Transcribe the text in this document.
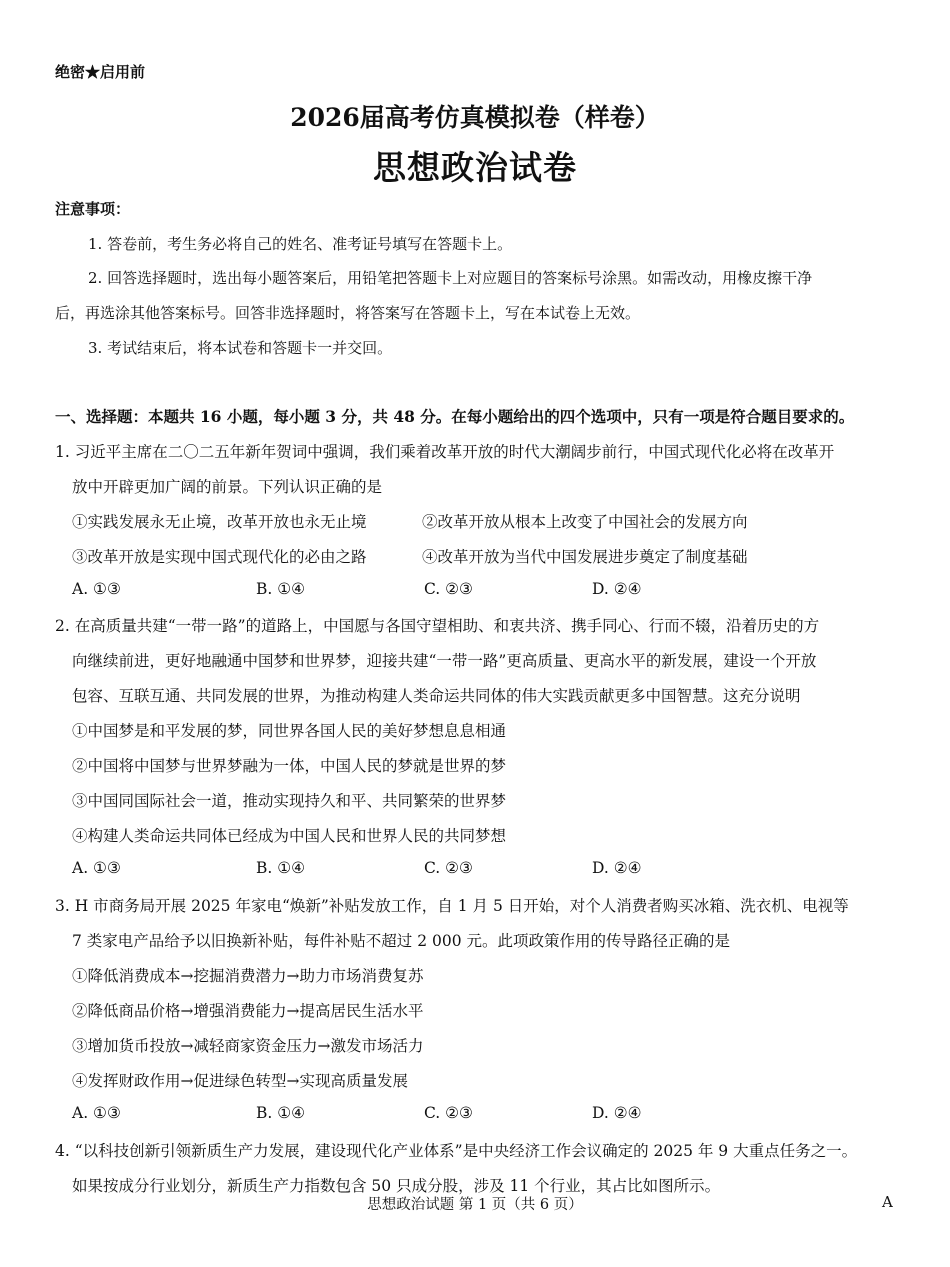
绝密★启用前
2026届高考仿真模拟卷（样卷）
思想政治试卷
注意事项：
1. 答卷前，考生务必将自己的姓名、准考证号填写在答题卡上。
2. 回答选择题时，选出每小题答案后，用铅笔把答题卡上对应题目的答案标号涂黑。如需改动，用橡皮擦干净
后，再选涂其他答案标号。回答非选择题时，将答案写在答题卡上，写在本试卷上无效。
3. 考试结束后，将本试卷和答题卡一并交回。
一、选择题：本题共 16 小题，每小题 3 分，共 48 分。在每小题给出的四个选项中，只有一项是符合题目要求的。
1. 习近平主席在二〇二五年新年贺词中强调，我们乘着改革开放的时代大潮阔步前行，中国式现代化必将在改革开
放中开辟更加广阔的前景。下列认识正确的是
①实践发展永无止境，改革开放也永无止境	②改革开放从根本上改变了中国社会的发展方向
③改革开放是实现中国式现代化的必由之路	④改革开放为当代中国发展进步奠定了制度基础
A. ①③	B. ①④	C. ②③	D. ②④
2. 在高质量共建“一带一路”的道路上，中国愿与各国守望相助、和衷共济、携手同心、行而不辍，沿着历史的方
向继续前进，更好地融通中国梦和世界梦，迎接共建“一带一路”更高质量、更高水平的新发展，建设一个开放
包容、互联互通、共同发展的世界，为推动构建人类命运共同体的伟大实践贡献更多中国智慧。这充分说明
①中国梦是和平发展的梦，同世界各国人民的美好梦想息息相通
②中国将中国梦与世界梦融为一体，中国人民的梦就是世界的梦
③中国同国际社会一道，推动实现持久和平、共同繁荣的世界梦
④构建人类命运共同体已经成为中国人民和世界人民的共同梦想
A. ①③	B. ①④	C. ②③	D. ②④
3. H 市商务局开展 2025 年家电“焕新”补贴发放工作，自 1 月 5 日开始，对个人消费者购买冰箱、洗衣机、电视等
7 类家电产品给予以旧换新补贴，每件补贴不超过 2 000 元。此项政策作用的传导路径正确的是
①降低消费成本→挖掘消费潜力→助力市场消费复苏
②降低商品价格→增强消费能力→提高居民生活水平
③增加货币投放→减轻商家资金压力→激发市场活力
④发挥财政作用→促进绿色转型→实现高质量发展
A. ①③	B. ①④	C. ②③	D. ②④
4. “以科技创新引领新质生产力发展，建设现代化产业体系”是中央经济工作会议确定的 2025 年 9 大重点任务之一。
如果按成分行业划分，新质生产力指数包含 50 只成分股，涉及 11 个行业，其占比如图所示。
思想政治试题 第 1 页（共 6 页）	A
